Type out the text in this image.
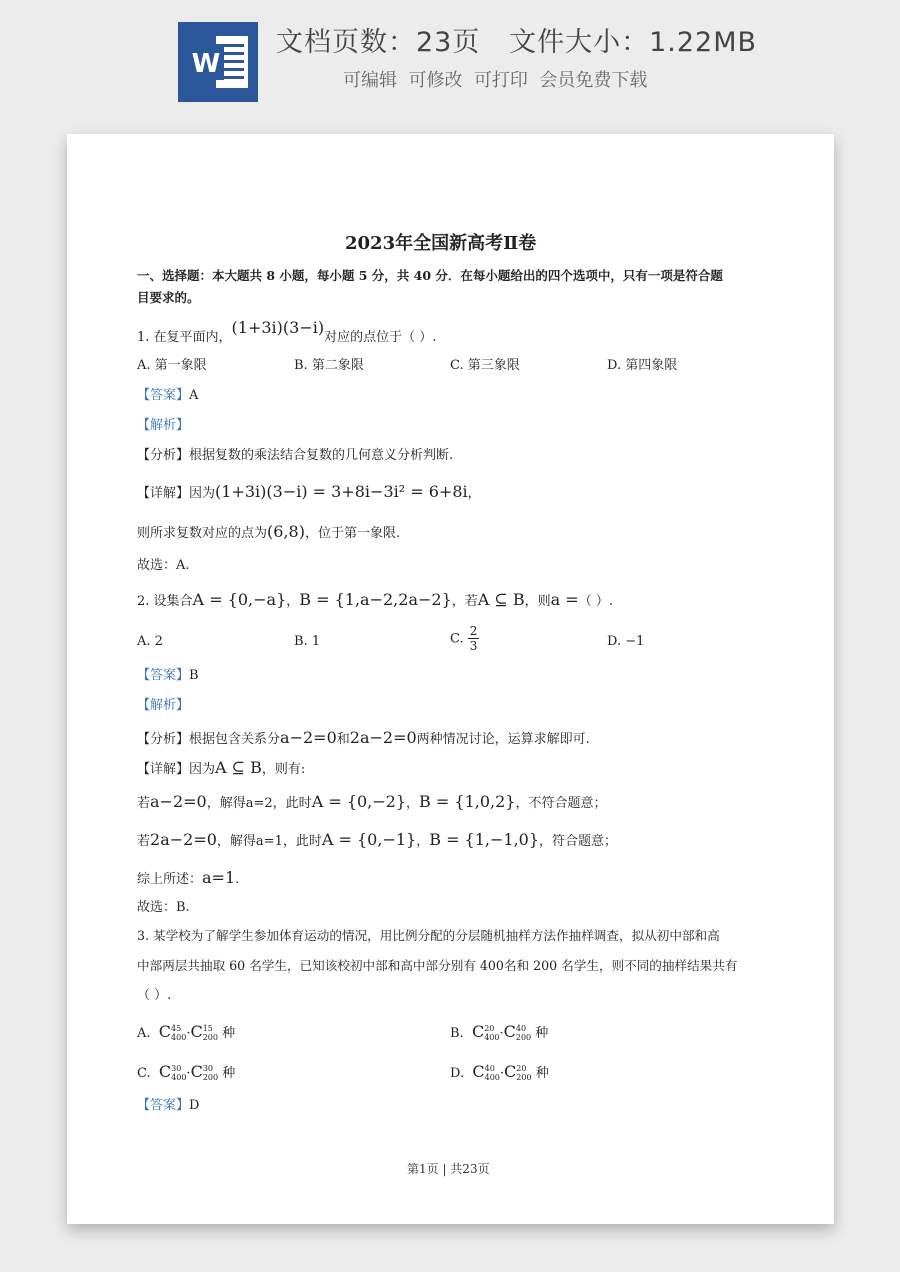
W
文档页数：23页   文件大小：1.22MB
可编辑  可修改  可打印  会员免费下载
2023年全国新高考Ⅱ卷
一、选择题：本大题共 8 小题，每小题 5 分，共 40 分．在每小题给出的四个选项中，只有一项是符合题
目要求的。
1. 在复平面内，(1+3i)(3−i)对应的点位于（ ）.
A. 第一象限	B. 第二象限	C. 第三象限	D. 第四象限
【答案】A
【解析】
【分析】根据复数的乘法结合复数的几何意义分析判断.
【详解】因为(1+3i)(3−i) = 3+8i−3i² = 6+8i，
则所求复数对应的点为(6,8)，位于第一象限.
故选：A.
2. 设集合A = {0,−a}，B = {1,a−2,2a−2}，若A ⊆ B，则a =（ ）.
A. 2	B. 1	C. $\frac{2}{3}$	D. −1
【答案】B
【解析】
【分析】根据包含关系分a−2=0和2a−2=0两种情况讨论，运算求解即可.
【详解】因为A ⊆ B，则有:
若a−2=0，解得a=2，此时A = {0,−2}，B = {1,0,2}，不符合题意；
若2a−2=0，解得a=1，此时A = {0,−1}，B = {1,−1,0}，符合题意；
综上所述：a=1.
故选：B.
3. 某学校为了解学生参加体育运动的情况，用比例分配的分层随机抽样方法作抽样调查，拟从初中部和高
中部两层共抽取 60 名学生，已知该校初中部和高中部分别有 400名和 200 名学生，则不同的抽样结果共有
（ ）.
A. C 45
400 ·C 15
200 种	B. C 20
400 ·C 40
200 种
C. C 30
400 ·C 30
200 种	D. C 40
400 ·C 20
200 种
【答案】D
第1页 | 共23页
